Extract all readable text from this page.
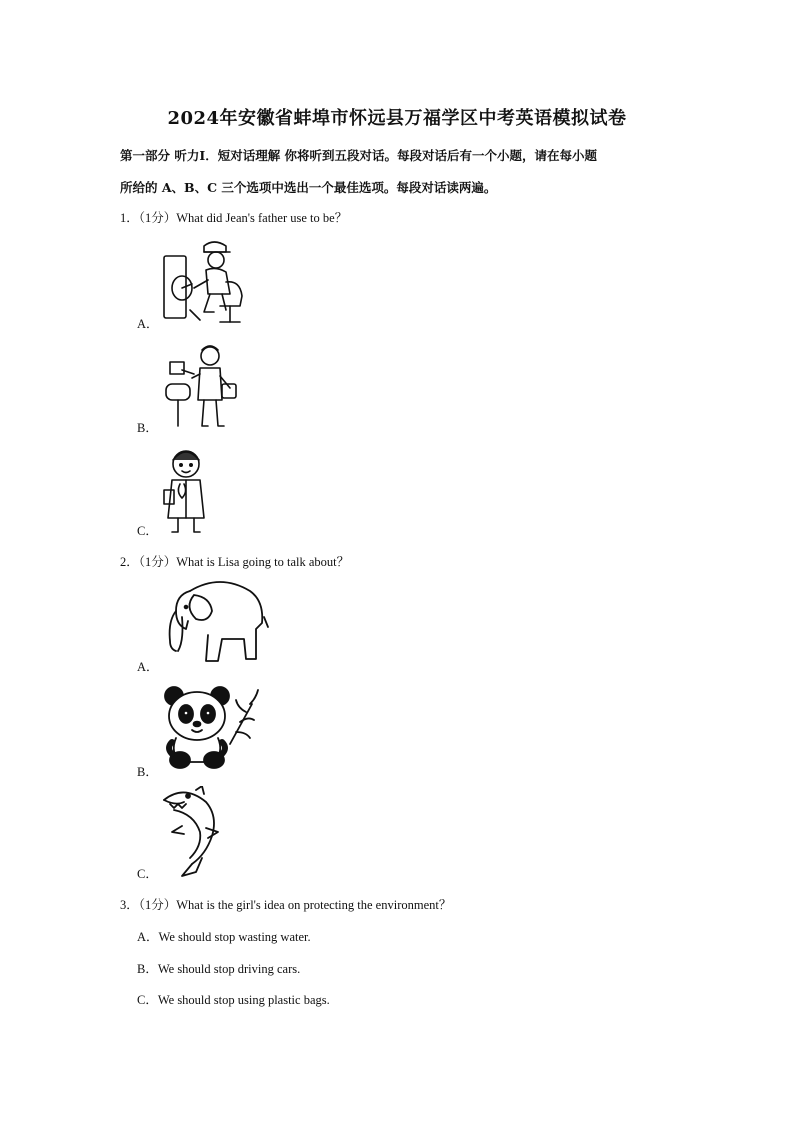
2024年安徽省蚌埠市怀远县万福学区中考英语模拟试卷
第一部分 听力Ⅰ．短对话理解 你将听到五段对话。每段对话后有一个小题，请在每小题
所给的 A、B、C 三个选项中选出一个最佳选项。每段对话读两遍。
1．（1分）What did Jean's father use to be？
A．
B．
C．
2．（1分）What is Lisa going to talk about？
A．
B．
C．
3．（1分）What is the girl's idea on protecting the environment？
A．We should stop wasting water.
B．We should stop driving cars.
C．We should stop using plastic bags.
